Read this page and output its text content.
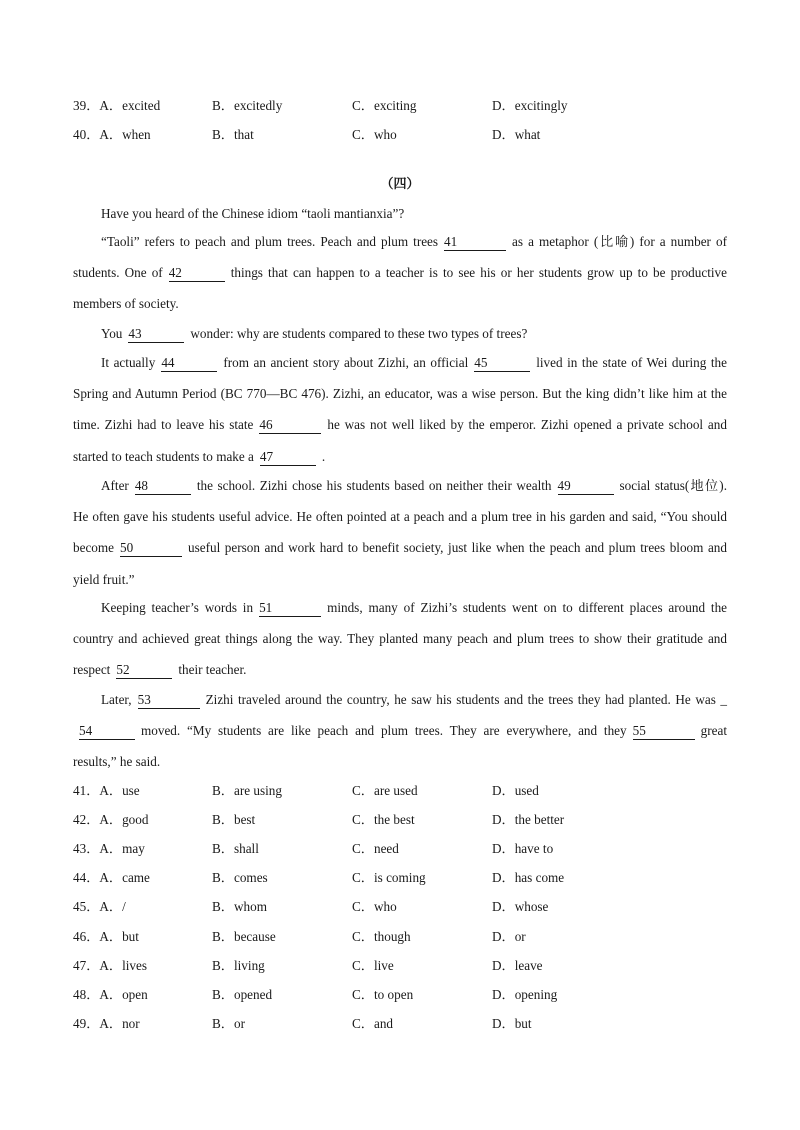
39．A．excited	B．excitedly	C．exciting	D．excitingly
40．A．when	B．that	C．who	D．what
（四）
Have you heard of the Chinese idiom “taoli mantianxia”?
“Taoli” refers to peach and plum trees. Peach and plum trees 41	as a metaphor (比喻) for a number of students. One of 42	things that can happen to a teacher is to see his or her students grow up to be productive members of society.
You 43	wonder: why are students compared to these two types of trees?
It actually 44	from an ancient story about Zizhi, an official 45	lived in the state of Wei during the Spring and Autumn Period (BC 770—BC 476). Zizhi, an educator, was a wise person. But the king didn’t like him at the time. Zizhi had to leave his state 46	he was not well liked by the emperor. Zizhi opened a private school and started to teach students to make a 47	.
After 48	the school. Zizhi chose his students based on neither their wealth 49	social status(地位). He often gave his students useful advice. He often pointed at a peach and a plum tree in his garden and said, “You should become 50	useful person and work hard to benefit society, just like when the peach and plum trees bloom and yield fruit.”
Keeping teacher’s words in 51	minds, many of Zizhi’s students went on to different places around the country and achieved great things along the way. They planted many peach and plum trees to show their gratitude and respect 52	their teacher.
Later, 53	Zizhi traveled around the country, he saw his students and the trees they had planted. He was _54	moved. “My students are like peach and plum trees. They are everywhere, and they 55	great results,” he said.
41．A．use	B．are using	C．are used	D．used
42．A．good	B．best	C．the best	D．the better
43．A．may	B．shall	C．need	D．have to
44．A．came	B．comes	C．is coming	D．has come
45．A．/	B．whom	C．who	D．whose
46．A．but	B．because	C．though	D．or
47．A．lives	B．living	C．live	D．leave
48．A．open	B．opened	C．to open	D．opening
49．A．nor	B．or	C．and	D．but
